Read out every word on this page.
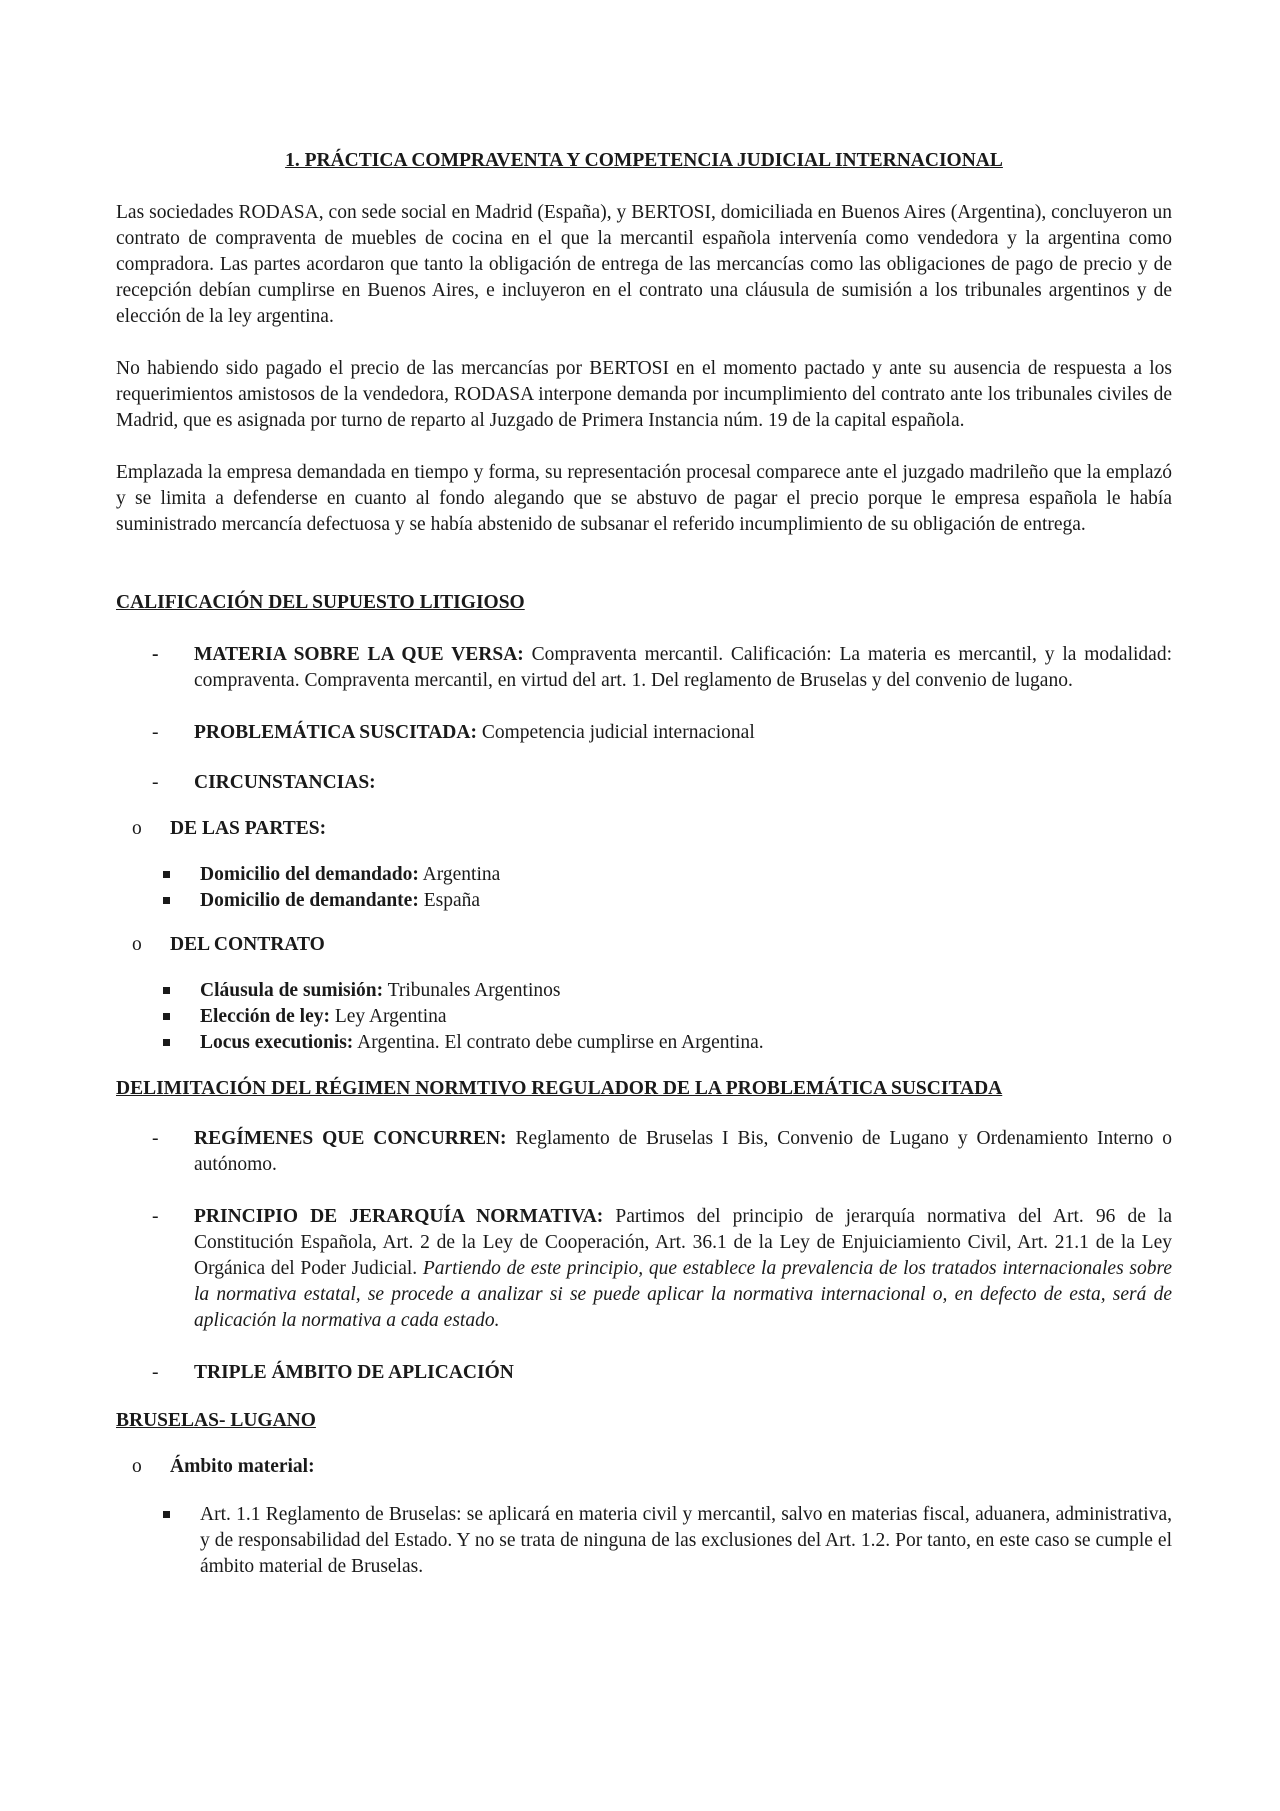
1. PRÁCTICA COMPRAVENTA Y COMPETENCIA JUDICIAL INTERNACIONAL

Las sociedades RODASA, con sede social en Madrid (España), y BERTOSI, domiciliada en Buenos Aires (Argentina), concluyeron un contrato de compraventa de muebles de cocina en el que la mercantil española intervenía como vendedora y la argentina como compradora. Las partes acordaron que tanto la obligación de entrega de las mercancías como las obligaciones de pago de precio y de recepción debían cumplirse en Buenos Aires, e incluyeron en el contrato una cláusula de sumisión a los tribunales argentinos y de elección de la ley argentina.

No habiendo sido pagado el precio de las mercancías por BERTOSI en el momento pactado y ante su ausencia de respuesta a los requerimientos amistosos de la vendedora, RODASA interpone demanda por incumplimiento del contrato ante los tribunales civiles de Madrid, que es asignada por turno de reparto al Juzgado de Primera Instancia núm. 19 de la capital española.

Emplazada la empresa demandada en tiempo y forma, su representación procesal comparece ante el juzgado madrileño que la emplazó y se limita a defenderse en cuanto al fondo alegando que se abstuvo de pagar el precio porque le empresa española le había suministrado mercancía defectuosa y se había abstenido de subsanar el referido incumplimiento de su obligación de entrega.

CALIFICACIÓN DEL SUPUESTO LITIGIOSO
- MATERIA SOBRE LA QUE VERSA: Compraventa mercantil. Calificación: La materia es mercantil, y la modalidad: compraventa. Compraventa mercantil, en virtud del art. 1. Del reglamento de Bruselas y del convenio de lugano.
- PROBLEMÁTICA SUSCITADA: Competencia judicial internacional
- CIRCUNSTANCIAS:
o DE LAS PARTES:
Domicilio del demandado: Argentina
Domicilio de demandante: España
o DEL CONTRATO
Cláusula de sumisión: Tribunales Argentinos
Elección de ley: Ley Argentina
Locus executionis: Argentina. El contrato debe cumplirse en Argentina.
DELIMITACIÓN DEL RÉGIMEN NORMTIVO REGULADOR DE LA PROBLEMÁTICA SUSCITADA
- REGÍMENES QUE CONCURREN: Reglamento de Bruselas I Bis, Convenio de Lugano y Ordenamiento Interno o autónomo.
- PRINCIPIO DE JERARQUÍA NORMATIVA: Partimos del principio de jerarquía normativa del Art. 96 de la Constitución Española, Art. 2 de la Ley de Cooperación, Art. 36.1 de la Ley de Enjuiciamiento Civil, Art. 21.1 de la Ley Orgánica del Poder Judicial. Partiendo de este principio, que establece la prevalencia de los tratados internacionales sobre la normativa estatal, se procede a analizar si se puede aplicar la normativa internacional o, en defecto de esta, será de aplicación la normativa a cada estado.
- TRIPLE ÁMBITO DE APLICACIÓN
BRUSELAS- LUGANO
o Ámbito material:
Art. 1.1 Reglamento de Bruselas: se aplicará en materia civil y mercantil, salvo en materias fiscal, aduanera, administrativa, y de responsabilidad del Estado. Y no se trata de ninguna de las exclusiones del Art. 1.2. Por tanto, en este caso se cumple el ámbito material de Bruselas.
